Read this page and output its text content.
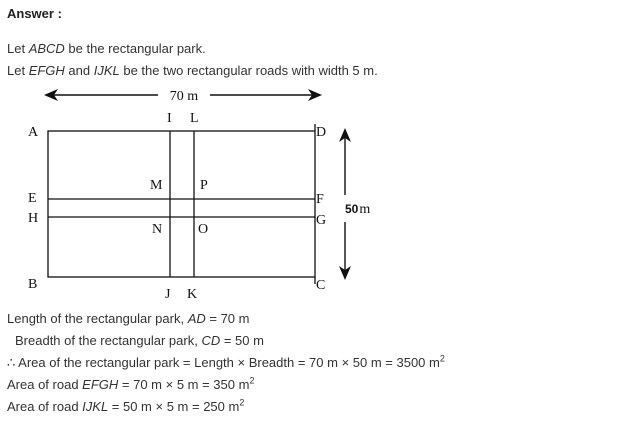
Answer :
Let ABCD be the rectangular park.
Let EFGH and IJKL be the two rectangular roads with width 5 m.
70 m
50m
A
E
H
B
I L
M	P
N	O
D
F
G
C
J K
Length of the rectangular park, AD = 70 m
Breadth of the rectangular park, CD = 50 m
∴ Area of the rectangular park = Length × Breadth = 70 m × 50 m = 3500 $m^2$
Area of road EFGH = 70 m × 5 m = 350 $m^2$
Area of road IJKL = 50 m × 5 m = 250 $m^2$
